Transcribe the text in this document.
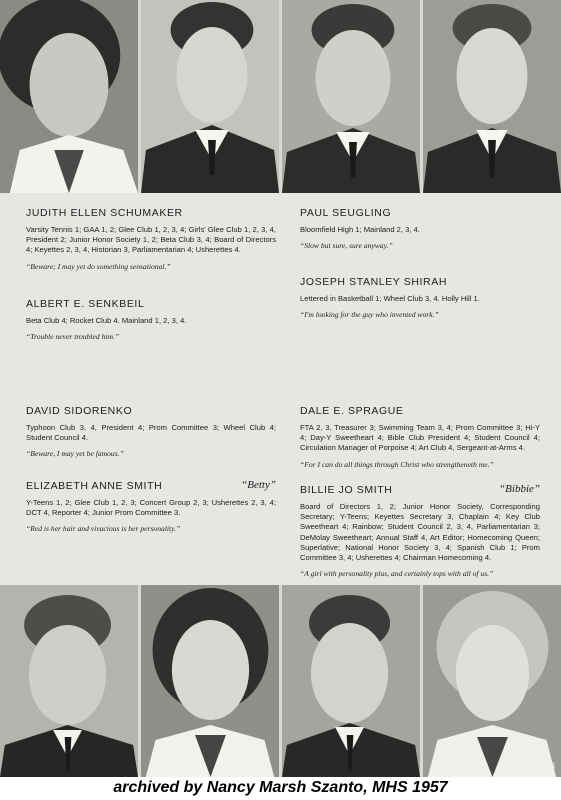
JUDITH ELLEN SCHUMAKER
Varsity Tennis 1; GAA 1, 2; Glee Club 1, 2, 3, 4; Girls' Glee Club 1, 2, 3, 4, President 2; Junior Honor Society 1, 2; Beta Club 3, 4; Board of Directors 4; Keyettes 2, 3, 4, Historian 3, Parliamentarian 4; Usherettes 4.
“Beware; I may yet do something sensational.”
ALBERT E. SENKBEIL
Beta Club 4; Rocket Club 4. Mainland 1, 2, 3, 4.
“Trouble never troubled him.”
DAVID SIDORENKO
Typhoon Club 3, 4, President 4; Prom Committee 3; Wheel Club 4; Student Council 4.
“Beware, I may yet be famous.”
ELIZABETH ANNE SMITH	“Betty”
Y-Teens 1, 2; Glee Club 1, 2, 3; Concert Group 2, 3; Usherettes 2, 3, 4; DCT 4, Reporter 4; Junior Prom Committee 3.
“Red is her hair and vivacious is her personality.”
PAUL SEUGLING
Bloomfield High 1; Mainland 2, 3, 4.
“Slow but sure, sure anyway.”
JOSEPH STANLEY SHIRAH
Lettered in Basketball 1; Wheel Club 3, 4. Holly Hill 1.
“I'm looking for the guy who invented work.”
DALE E. SPRAGUE
FTA 2, 3, Treasurer 3; Swimming Team 3, 4; Prom Committee 3; Hi-Y 4; Day-Y Sweetheart 4; Bible Club President 4; Student Council 4; Circulation Manager of Porpoise 4; Art Club 4, Sergeant-at-Arms 4.
“For I can do all things through Christ who strengtheneth me.”
BILLIE JO SMITH	“Bibbie”
Board of Directors 1, 2; Junior Honor Society, Corresponding Secretary; Y-Teens; Keyettes Secretary 3, Chaplain 4; Key Club Sweetheart 4; Rainbow; Student Council 2, 3, 4, Parliamentarian 3; DeMolay Sweetheart; Annual Staff 4, Art Editor; Homecoming Queen; Superlative; National Honor Society 3, 4; Spanish Club 1; Prom Committee 3, 4; Usherettes 4; Chairman Homecoming 4.
“A girl with personality plus, and certainly tops with all of us.”
43
archived by Nancy Marsh Szanto, MHS 1957
